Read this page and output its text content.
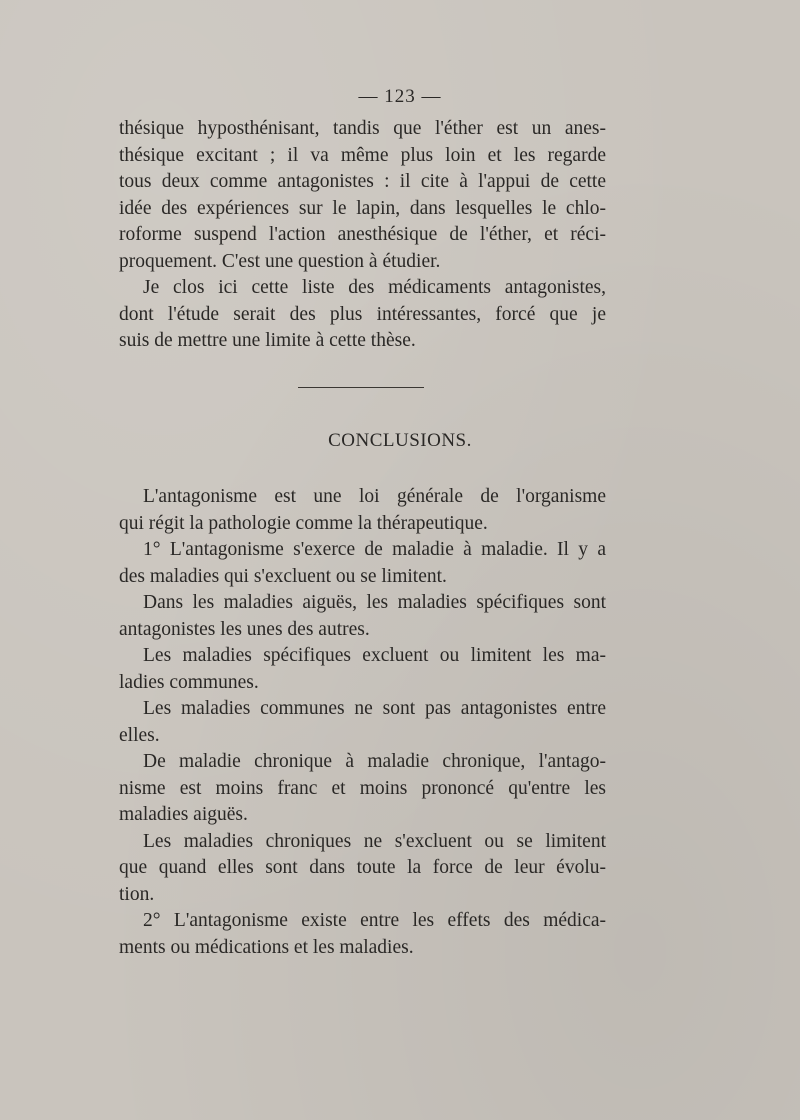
— 123 —

thésique hyposthénisant, tandis que l'éther est un anes-
thésique excitant ; il va même plus loin et les regarde
tous deux comme antagonistes : il cite à l'appui de cette
idée des expériences sur le lapin, dans lesquelles le chlo-
roforme suspend l'action anesthésique de l'éther, et réci-
proquement. C'est une question à étudier.

Je clos ici cette liste des médicaments antagonistes,
dont l'étude serait des plus intéressantes, forcé que je
suis de mettre une limite à cette thèse.

CONCLUSIONS.

L'antagonisme est une loi générale de l'organisme
qui régit la pathologie comme la thérapeutique.

1° L'antagonisme s'exerce de maladie à maladie. Il y a
des maladies qui s'excluent ou se limitent.

Dans les maladies aiguës, les maladies spécifiques sont
antagonistes les unes des autres.

Les maladies spécifiques excluent ou limitent les ma-
ladies communes.

Les maladies communes ne sont pas antagonistes entre
elles.

De maladie chronique à maladie chronique, l'antago-
nisme est moins franc et moins prononcé qu'entre les
maladies aiguës.

Les maladies chroniques ne s'excluent ou se limitent
que quand elles sont dans toute la force de leur évolu-
tion.

2° L'antagonisme existe entre les effets des médica-
ments ou médications et les maladies.
